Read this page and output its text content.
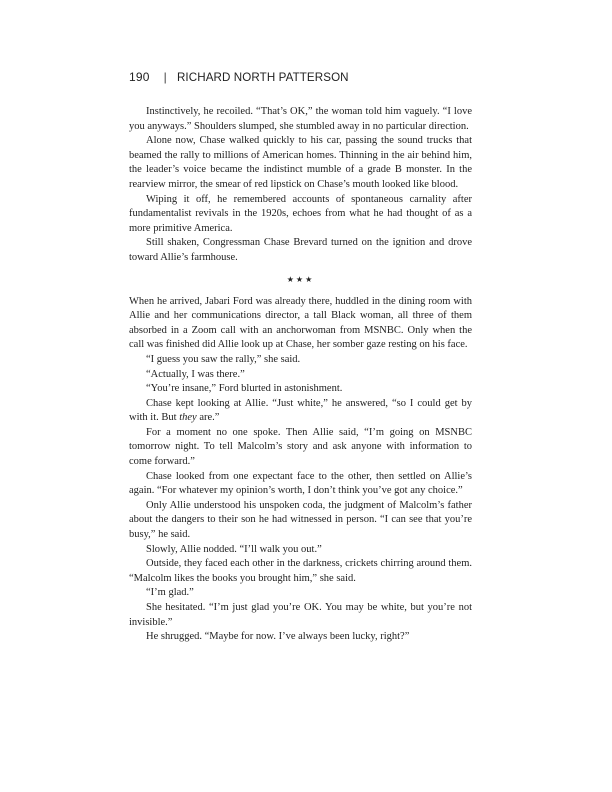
190 | RICHARD NORTH PATTERSON

Instinctively, he recoiled. “That’s OK,” the woman told him vaguely. “I love you anyways.” Shoulders slumped, she stumbled away in no particular direction.

Alone now, Chase walked quickly to his car, passing the sound trucks that beamed the rally to millions of American homes. Thinning in the air behind him, the leader’s voice became the indistinct mumble of a grade B monster. In the rearview mirror, the smear of red lipstick on Chase’s mouth looked like blood.

Wiping it off, he remembered accounts of spontaneous carnality after fundamentalist revivals in the 1920s, echoes from what he had thought of as a more primitive America.

Still shaken, Congressman Chase Brevard turned on the ignition and drove toward Allie’s farmhouse.

★★★

When he arrived, Jabari Ford was already there, huddled in the dining room with Allie and her communications director, a tall Black woman, all three of them absorbed in a Zoom call with an anchorwoman from MSNBC. Only when the call was finished did Allie look up at Chase, her somber gaze resting on his face.

“I guess you saw the rally,” she said.

“Actually, I was there.”

“You’re insane,” Ford blurted in astonishment.

Chase kept looking at Allie. “Just white,” he answered, “so I could get by with it. But they are.”

For a moment no one spoke. Then Allie said, “I’m going on MSNBC tomorrow night. To tell Malcolm’s story and ask anyone with information to come forward.”

Chase looked from one expectant face to the other, then settled on Allie’s again. “For whatever my opinion’s worth, I don’t think you’ve got any choice.”

Only Allie understood his unspoken coda, the judgment of Malcolm’s father about the dangers to their son he had witnessed in person. “I can see that you’re busy,” he said.

Slowly, Allie nodded. “I’ll walk you out.”

Outside, they faced each other in the darkness, crickets chirring around them. “Malcolm likes the books you brought him,” she said.

“I’m glad.”

She hesitated. “I’m just glad you’re OK. You may be white, but you’re not invisible.”

He shrugged. “Maybe for now. I’ve always been lucky, right?”
